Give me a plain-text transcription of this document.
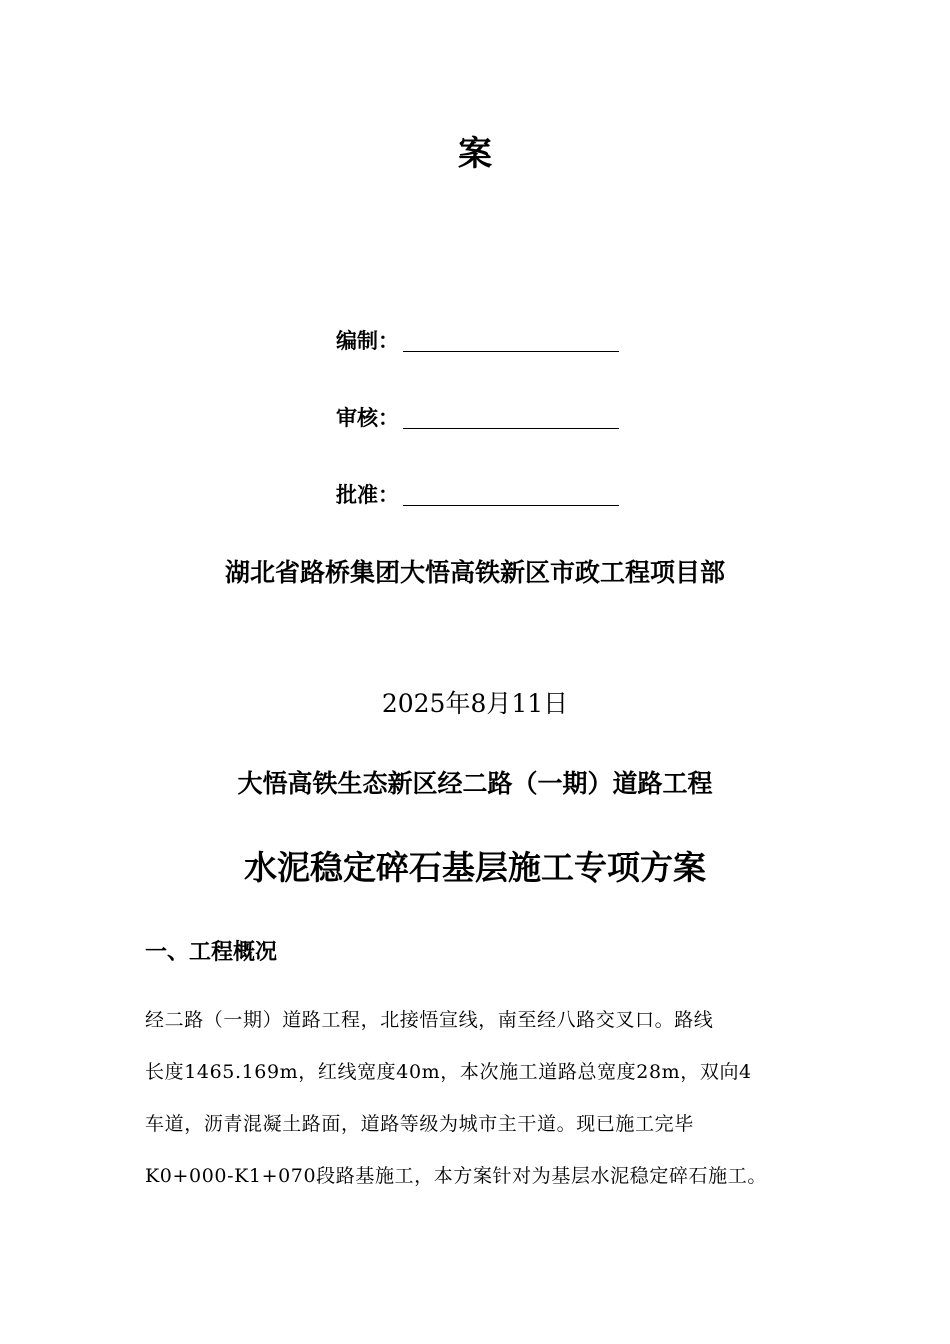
案
编制：
审核：
批准：
湖北省路桥集团大悟高铁新区市政工程项目部
2025年8月11日
大悟高铁生态新区经二路（一期）道路工程
水泥稳定碎石基层施工专项方案
一、工程概况
经二路（一期）道路工程，北接悟宣线，南至经八路交叉口。路线
长度1465.169m，红线宽度40m，本次施工道路总宽度28m，双向4
车道，沥青混凝土路面，道路等级为城市主干道。现已施工完毕
K0+000-K1+070段路基施工，本方案针对为基层水泥稳定碎石施工。
